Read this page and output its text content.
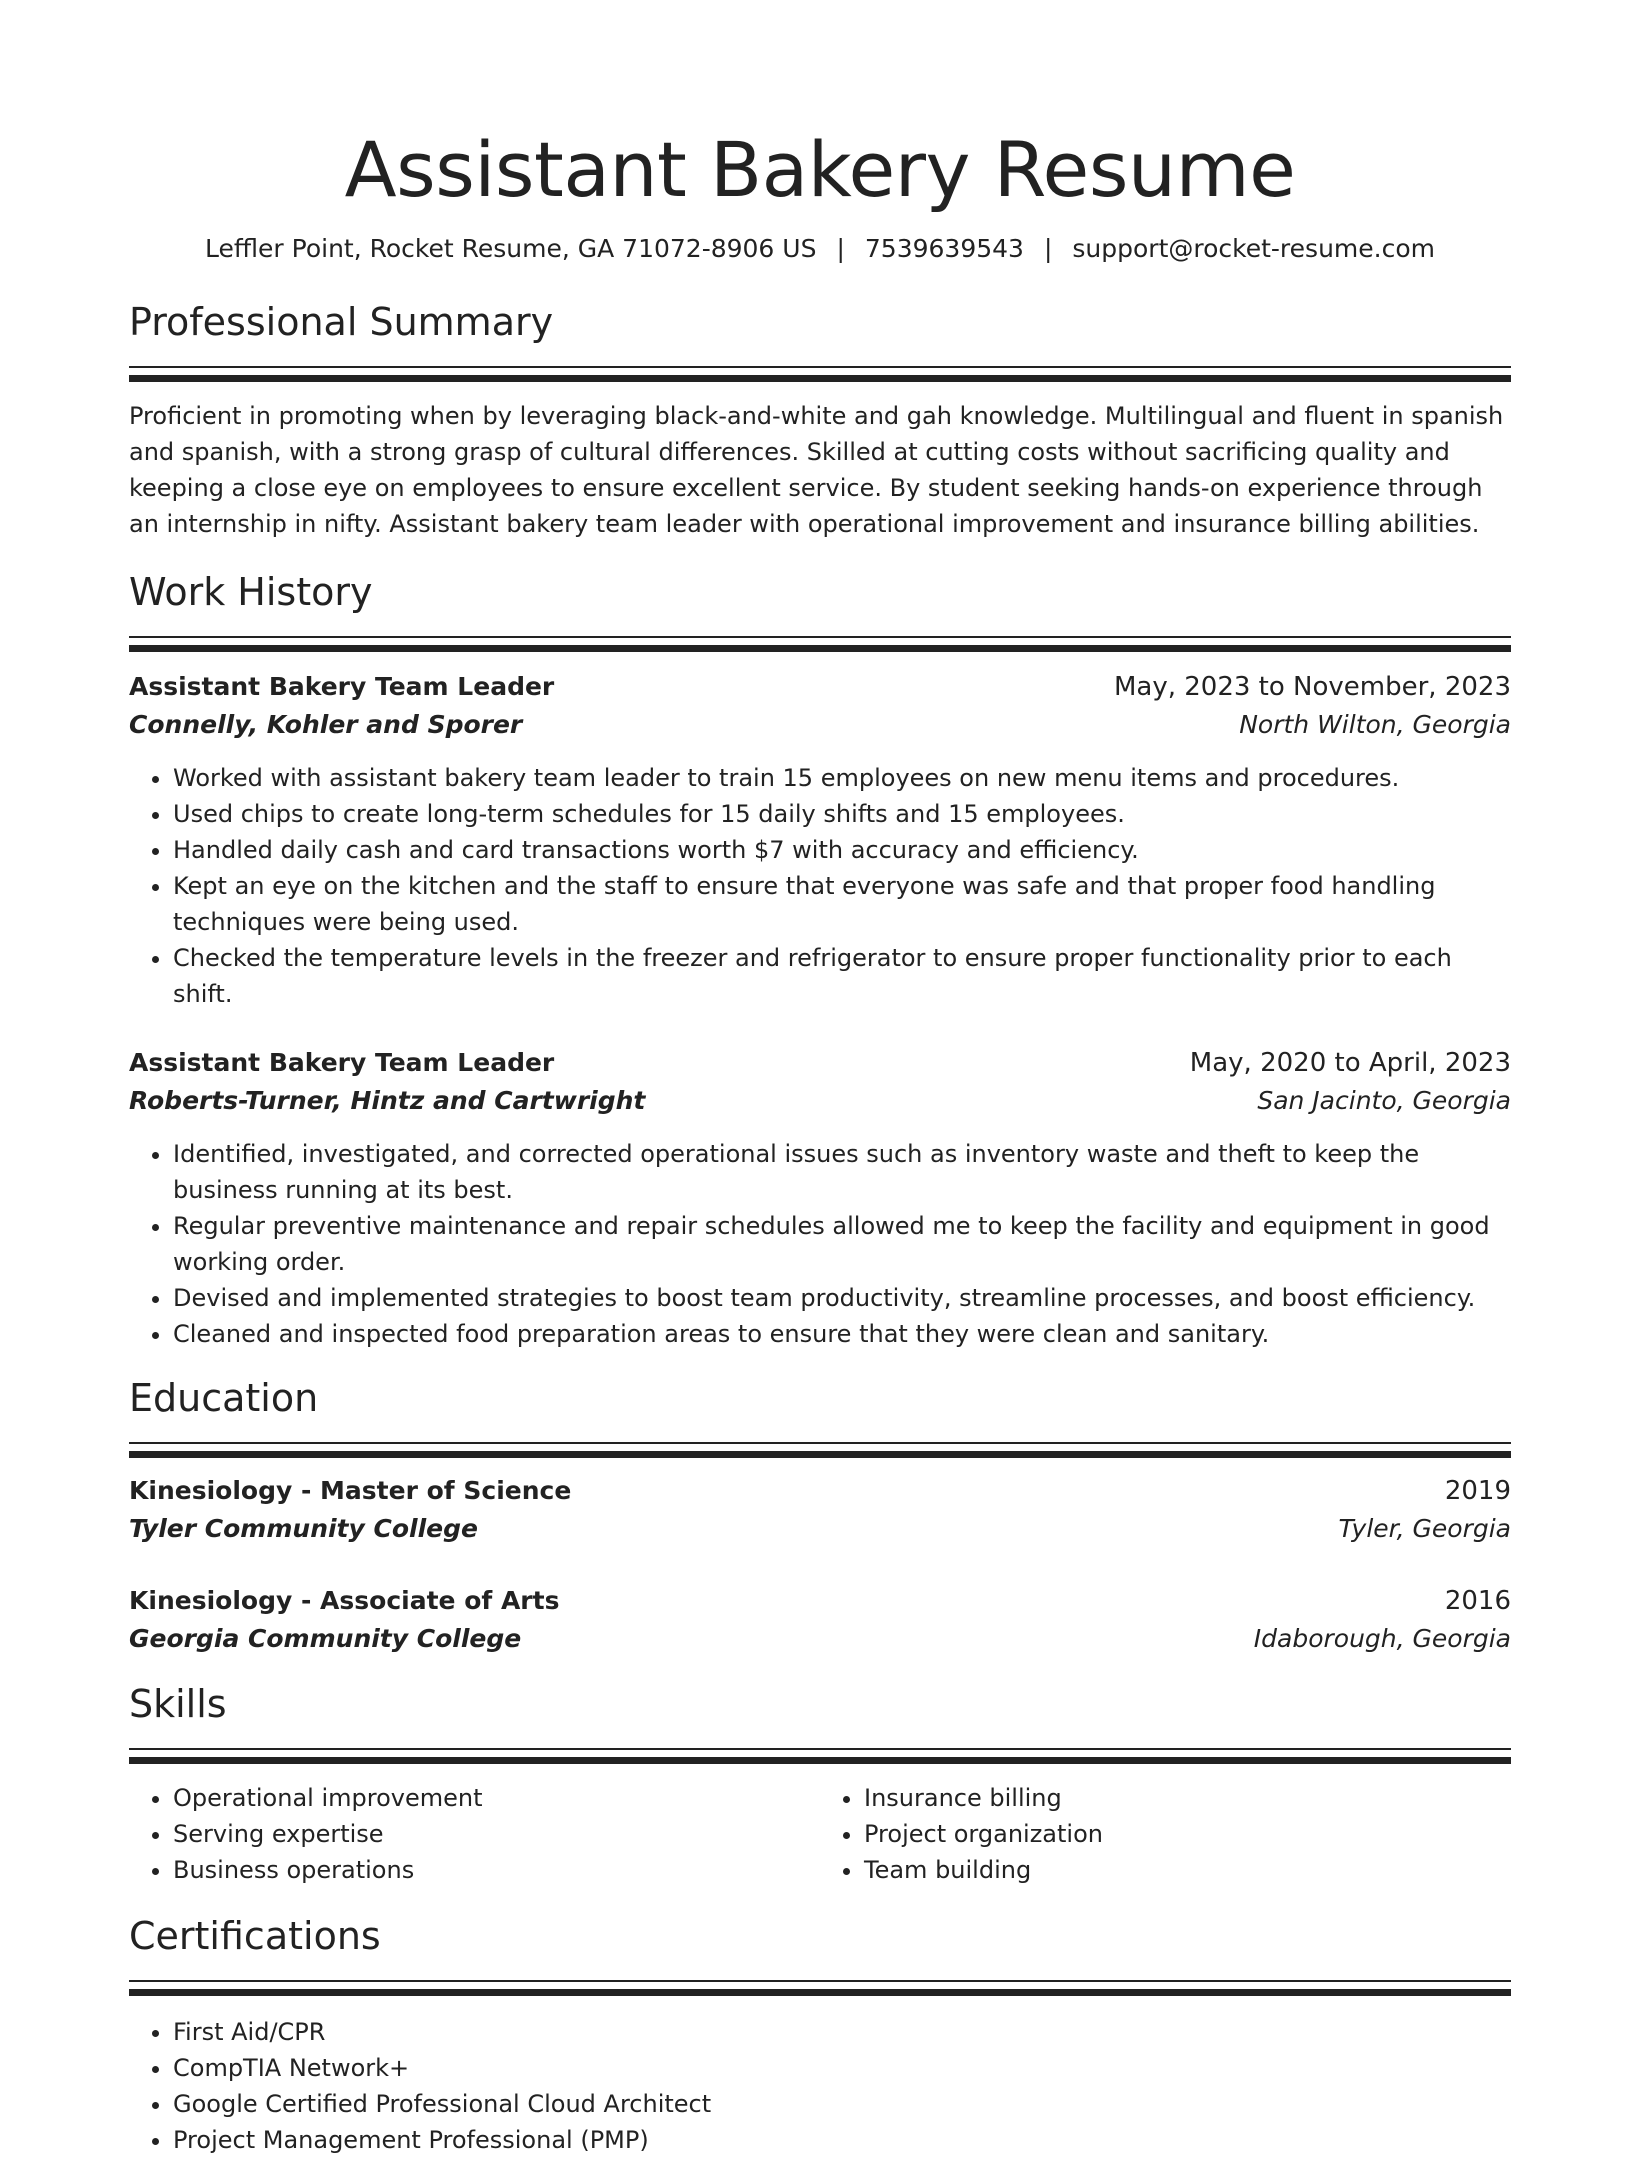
Assistant Bakery Resume
Leffler Point, Rocket Resume, GA 71072-8906 US | 7539639543 | support@rocket-resume.com
Professional Summary

Proficient in promoting when by leveraging black-and-white and gah knowledge. Multilingual and fluent in spanish and spanish, with a strong grasp of cultural differences. Skilled at cutting costs without sacrificing quality and keeping a close eye on employees to ensure excellent service. By student seeking hands-on experience through an internship in nifty. Assistant bakery team leader with operational improvement and insurance billing abilities.

Work History
Assistant Bakery Team Leader	May, 2023 to November, 2023
Connelly, Kohler and Sporer	North Wilton, Georgia
• Worked with assistant bakery team leader to train 15 employees on new menu items and procedures.
• Used chips to create long-term schedules for 15 daily shifts and 15 employees.
• Handled daily cash and card transactions worth $7 with accuracy and efficiency.
• Kept an eye on the kitchen and the staff to ensure that everyone was safe and that proper food handling techniques were being used.
• Checked the temperature levels in the freezer and refrigerator to ensure proper functionality prior to each shift.
Assistant Bakery Team Leader	May, 2020 to April, 2023
Roberts-Turner, Hintz and Cartwright	San Jacinto, Georgia
• Identified, investigated, and corrected operational issues such as inventory waste and theft to keep the business running at its best.
• Regular preventive maintenance and repair schedules allowed me to keep the facility and equipment in good working order.
• Devised and implemented strategies to boost team productivity, streamline processes, and boost efficiency.
• Cleaned and inspected food preparation areas to ensure that they were clean and sanitary.
Education
Kinesiology - Master of Science	2019
Tyler Community College	Tyler, Georgia
Kinesiology - Associate of Arts	2016
Georgia Community College	Idaborough, Georgia
Skills
• Operational improvement
• Serving expertise
• Business operations
• Insurance billing
• Project organization
• Team building
Certifications
• First Aid/CPR
• CompTIA Network+
• Google Certified Professional Cloud Architect
• Project Management Professional (PMP)
